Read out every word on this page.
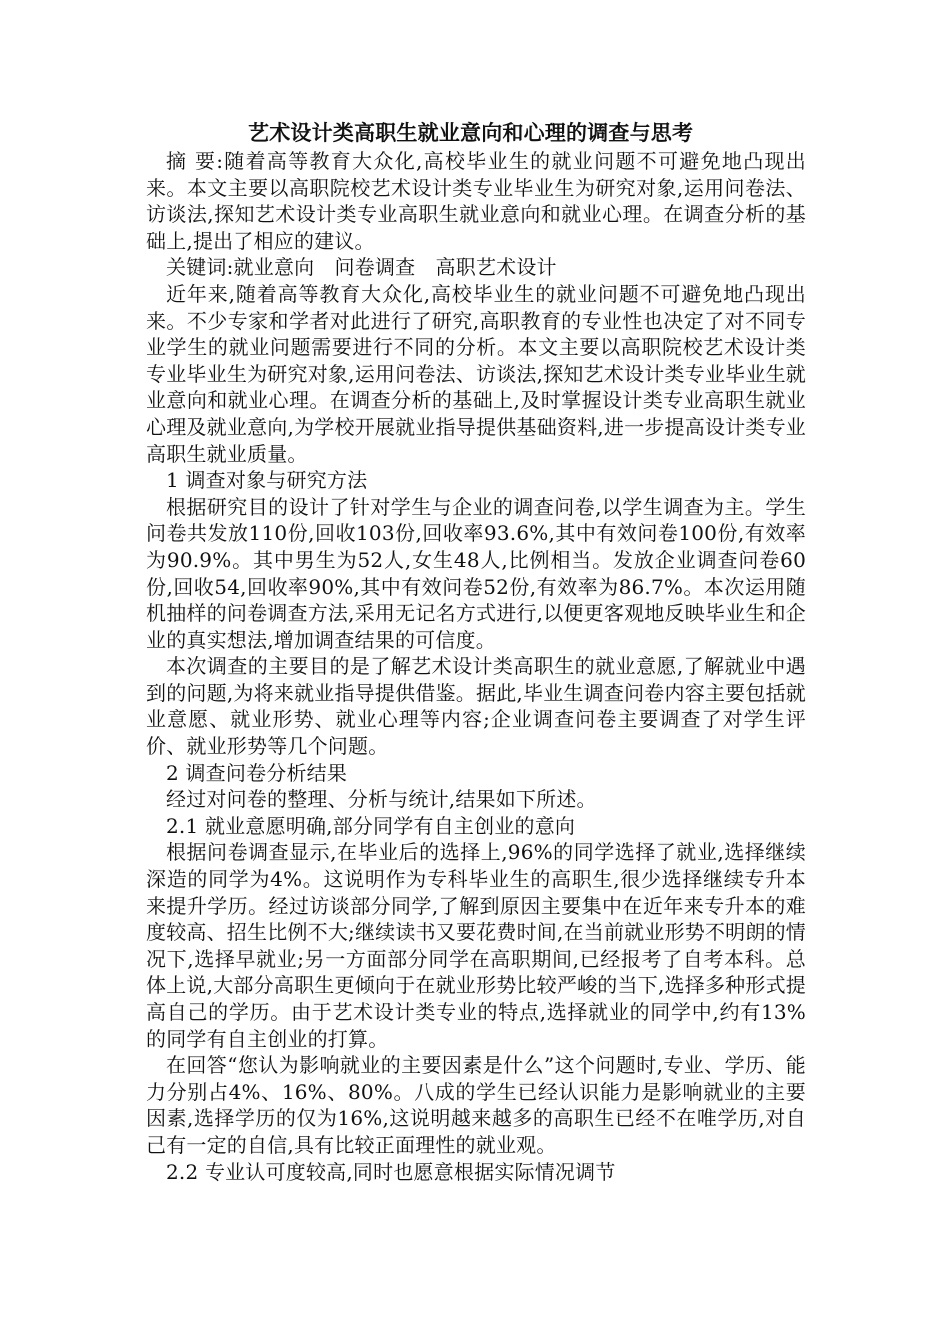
艺术设计类高职生就业意向和心理的调查与思考

摘 要:随着高等教育大众化,高校毕业生的就业问题不可避免地凸现出来。本文主要以高职院校艺术设计类专业毕业生为研究对象,运用问卷法、访谈法,探知艺术设计类专业高职生就业意向和就业心理。在调查分析的基础上,提出了相应的建议。

关键词:就业意向　问卷调查　高职艺术设计

近年来,随着高等教育大众化,高校毕业生的就业问题不可避免地凸现出来。不少专家和学者对此进行了研究,高职教育的专业性也决定了对不同专业学生的就业问题需要进行不同的分析。本文主要以高职院校艺术设计类专业毕业生为研究对象,运用问卷法、访谈法,探知艺术设计类专业毕业生就业意向和就业心理。在调查分析的基础上,及时掌握设计类专业高职生就业心理及就业意向,为学校开展就业指导提供基础资料,进一步提高设计类专业高职生就业质量。

1 调查对象与研究方法

根据研究目的设计了针对学生与企业的调查问卷,以学生调查为主。学生问卷共发放110份,回收103份,回收率93.6%,其中有效问卷100份,有效率为90.9%。其中男生为52人,女生48人,比例相当。发放企业调查问卷60份,回收54,回收率90%,其中有效问卷52份,有效率为86.7%。本次运用随机抽样的问卷调查方法,采用无记名方式进行,以便更客观地反映毕业生和企业的真实想法,增加调查结果的可信度。

本次调查的主要目的是了解艺术设计类高职生的就业意愿,了解就业中遇到的问题,为将来就业指导提供借鉴。据此,毕业生调查问卷内容主要包括就业意愿、就业形势、就业心理等内容;企业调查问卷主要调查了对学生评价、就业形势等几个问题。

2 调查问卷分析结果

经过对问卷的整理、分析与统计,结果如下所述。

2.1 就业意愿明确,部分同学有自主创业的意向

根据问卷调查显示,在毕业后的选择上,96%的同学选择了就业,选择继续深造的同学为4%。这说明作为专科毕业生的高职生,很少选择继续专升本来提升学历。经过访谈部分同学,了解到原因主要集中在近年来专升本的难度较高、招生比例不大;继续读书又要花费时间,在当前就业形势不明朗的情况下,选择早就业;另一方面部分同学在高职期间,已经报考了自考本科。总体上说,大部分高职生更倾向于在就业形势比较严峻的当下,选择多种形式提高自己的学历。由于艺术设计类专业的特点,选择就业的同学中,约有13%的同学有自主创业的打算。

在回答“您认为影响就业的主要因素是什么”这个问题时,专业、学历、能力分别占4%、16%、80%。八成的学生已经认识能力是影响就业的主要因素,选择学历的仅为16%,这说明越来越多的高职生已经不在唯学历,对自己有一定的自信,具有比较正面理性的就业观。

2.2 专业认可度较高,同时也愿意根据实际情况调节
